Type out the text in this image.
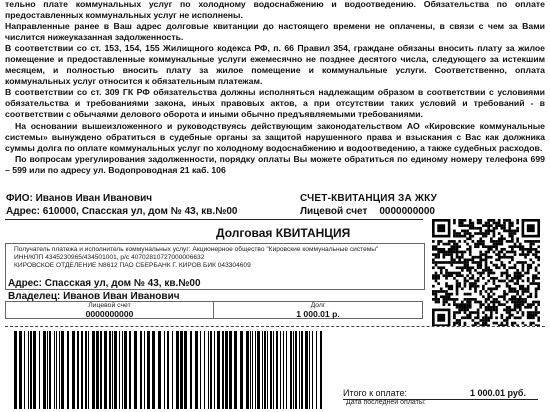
тельно плате коммунальных услуг по холодному водоснабжению и водоотведению. Обязательства по оплате предоставленных коммунальных услуг не исполнены.

Направленные ранее в Ваш адрес долговые квитанции до настоящего времени не оплачены, в связи с чем за Вами числится нижеуказанная задолженность.

В соответствии со ст. 153, 154, 155 Жилищного кодекса РФ, п. 66 Правил 354, граждане обязаны вносить плату за жилое помещение и предоставленные коммунальные услуги ежемесячно не позднее десятого числа, следующего за истекшим месяцем, и полностью вносить плату за жилое помещение и коммунальные услуги. Соответственно, оплата коммунальных услуг относится к обязательным платежам.

В соответствии со ст. 309 ГК РФ обязательства должны исполняться надлежащим образом в соответствии с условиями обязательства и требованиями закона, иных правовых актов, а при отсутствии таких условий и требований - в соответствии с обычаями делового оборота и иными обычно предъявляемыми требованиями.

На основании вышеизложенного и руководствуясь действующим законодательством АО «Кировские коммунальные системы» вынуждено обратиться в судебные органы за защитой нарушенного права и взыскания с Вас как должника суммы долга по оплате коммунальных услуг по холодному водоснабжению и водоотведению, а также судебных расходов.

По вопросам урегулирования задолженности, порядку оплаты Вы можете обратиться по единому номеру телефона 699 – 599 или по адресу ул. Водопроводная 21 каб. 106

ФИО: Иванов Иван Иванович
Адрес: 610000, Спасская ул, дом № 43, кв.№00
СЧЕТ-КВИТАНЦИЯ ЗА ЖКУ
Лицевой счет 0000000000
Долговая КВИТАНЦИЯ
Получатель платежа и исполнитель коммунальных услуг: Акционерное общество "Кировские коммунальные системы"
ИНН/КПП 4345230965/434501001, р/с 40702810727000006632
КИРОВСКОЕ ОТДЕЛЕНИЕ N8612 ПАО СБЕРБАНК Г. КИРОВ БИК 043304609
Адрес: Спасская ул, дом № 43, кв.№00
Владелец: Иванов Иван Иванович
Лицевой счет
0000000000
Долг
1 000.01 р.
Итого к оплате:	1 000.01 руб.
Дата последней оплаты:
